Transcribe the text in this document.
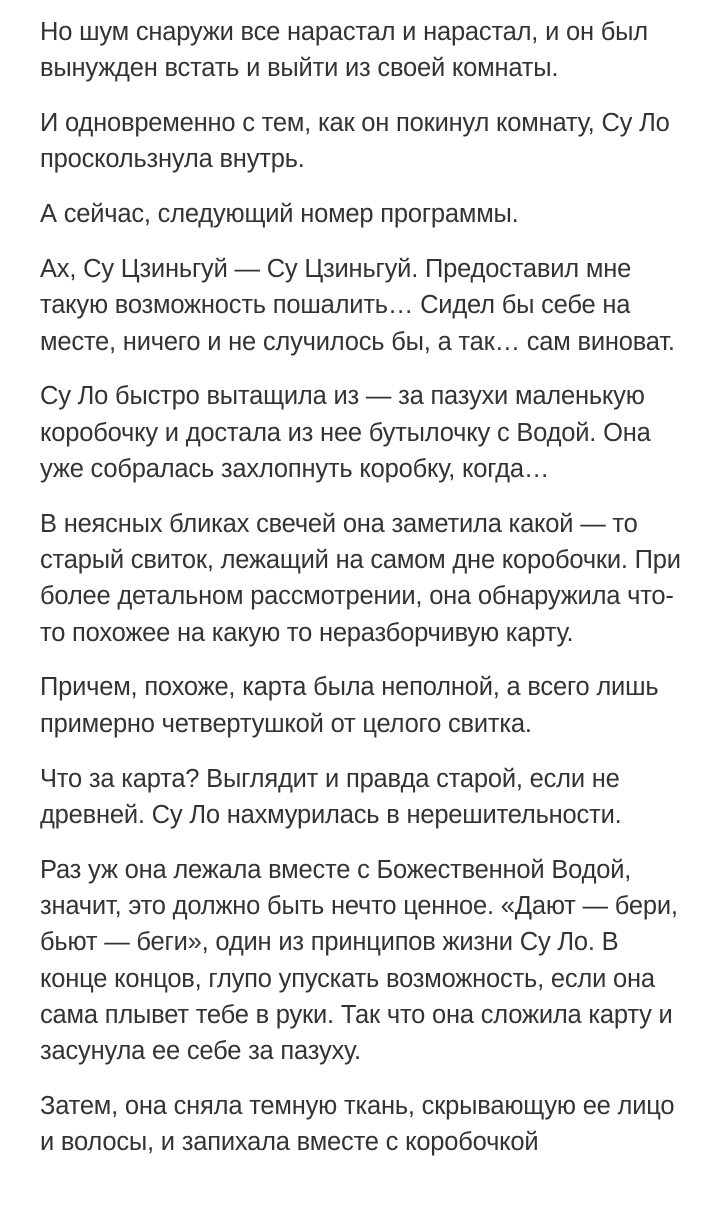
Но шум снаружи все нарастал и нарастал, и он был вынужден встать и выйти из своей комнаты.

И одновременно с тем, как он покинул комнату, Су Ло проскользнула внутрь.

А сейчас, следующий номер программы.

Ах, Су Цзиньгуй — Су Цзиньгуй. Предоставил мне такую возможность пошалить… Сидел бы себе на месте, ничего и не случилось бы, а так… сам виноват.

Су Ло быстро вытащила из — за пазухи маленькую коробочку и достала из нее бутылочку с Водой. Она уже собралась захлопнуть коробку, когда…

В неясных бликах свечей она заметила какой — то старый свиток, лежащий на самом дне коробочки. При более детальном рассмотрении, она обнаружила что-то похожее на какую то неразборчивую карту.

Причем, похоже, карта была неполной, а всего лишь примерно четвертушкой от целого свитка.

Что за карта? Выглядит и правда старой, если не древней. Су Ло нахмурилась в нерешительности.

Раз уж она лежала вместе с Божественной Водой, значит, это должно быть нечто ценное. «Дают — бери, бьют — беги», один из принципов жизни Су Ло. В конце концов, глупо упускать возможность, если она сама плывет тебе в руки. Так что она сложила карту и засунула ее себе за пазуху.

Затем, она сняла темную ткань, скрывающую ее лицо и волосы, и запихала вместе с коробочкой
